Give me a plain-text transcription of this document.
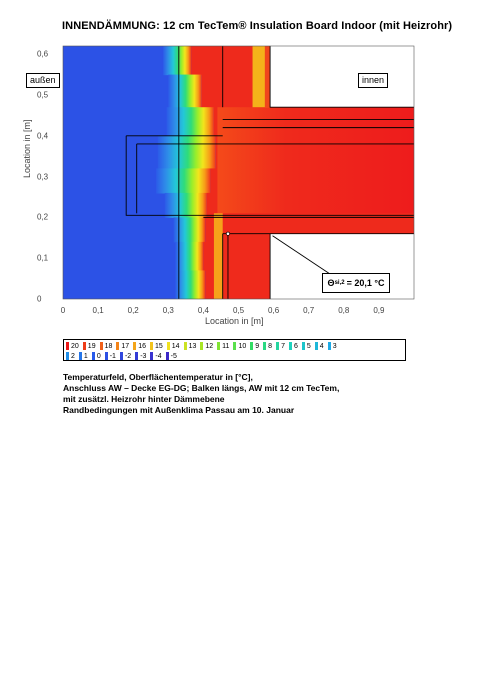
INNENDÄMMUNG: 12 cm TecTem® Insulation Board Indoor (mit Heizrohr)
Location in [m]
Location in [m]
0	0,1	0,2	0,3	0,4	0,5	0,6	0,7	0,8	0,9
0
0,1
0,2
0,3
0,4
0,5
0,6
außen	innen
Θ si,2 = 20,1 °C
20 19 18 17 16 15 14 13 12 11 10 9 8 7 6 5 4 3
2 1 0 -1 -2 -3 -4 -5
Temperaturfeld, Oberflächentemperatur in [°C],
Anschluss AW – Decke EG-DG; Balken längs, AW mit 12 cm TecTem,
mit zusätzl. Heizrohr hinter Dämmebene
Randbedingungen mit Außenklima Passau am 10. Januar
